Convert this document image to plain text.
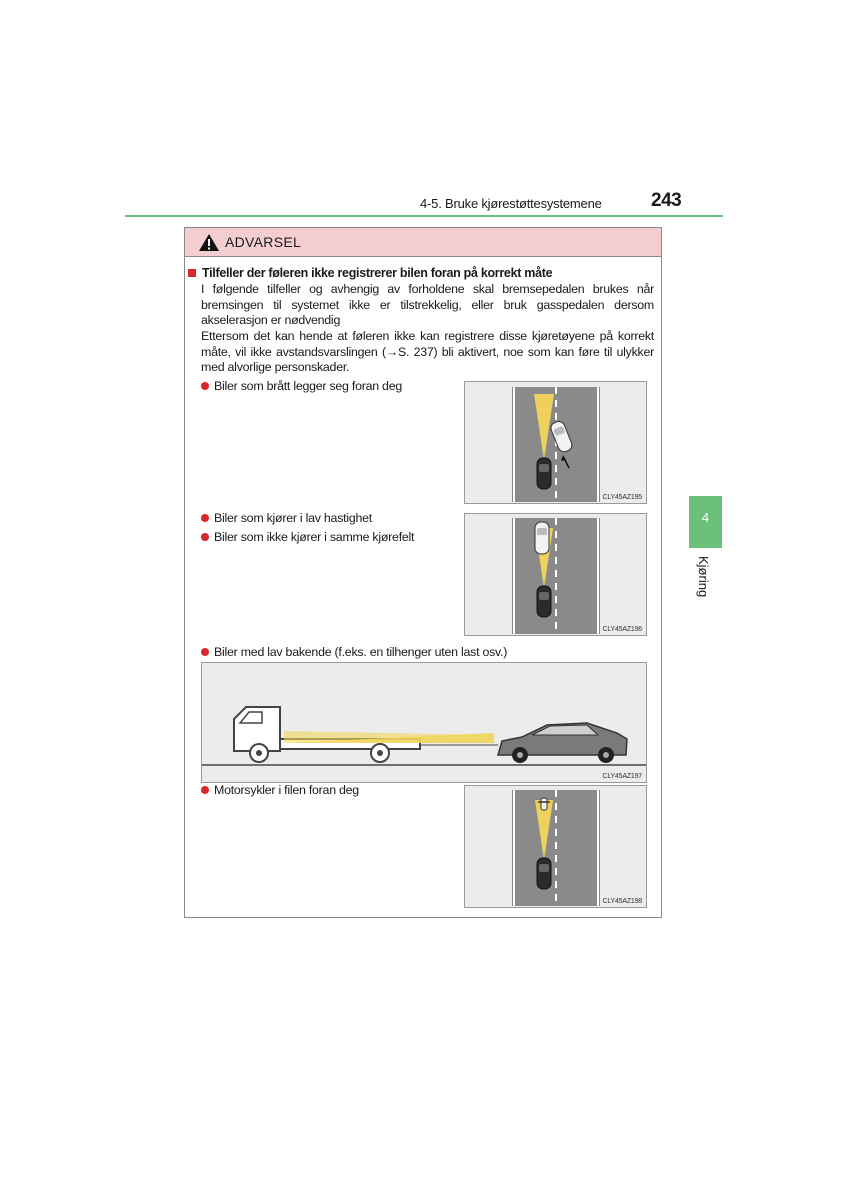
4-5. Bruke kjørestøttesystemene	243
ADVARSEL
Tilfeller der føleren ikke registrerer bilen foran på korrekt måte
I følgende tilfeller og avhengig av forholdene skal bremsepedalen brukes når bremsingen til systemet ikke er tilstrekkelig, eller bruk gasspedalen dersom akselerasjon er nødvendig
Ettersom det kan hende at føleren ikke kan registrere disse kjøretøyene på korrekt måte, vil ikke avstandsvarslingen (→S. 237) bli aktivert, noe som kan føre til ulykker med alvorlige personskader.
Biler som brått legger seg foran deg
CLY45AZ195
Biler som kjører i lav hastighet
Biler som ikke kjører i samme kjørefelt
CLY45AZ196
Biler med lav bakende (f.eks. en tilhenger uten last osv.)
CLY45AZ197
Motorsykler i filen foran deg
CLY45AZ198
4
Kjøring
